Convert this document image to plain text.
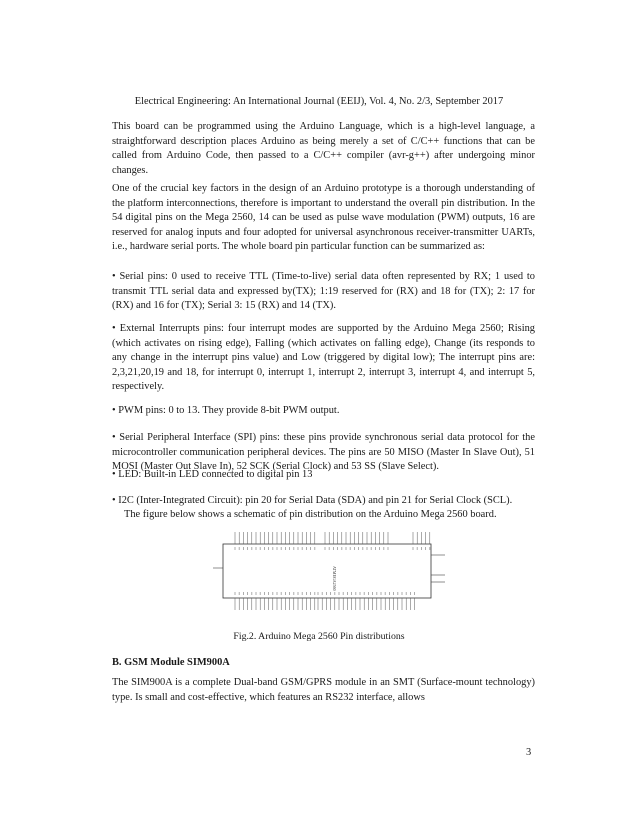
Electrical Engineering: An International Journal (EEIJ), Vol. 4, No. 2/3, September 2017

This board can be programmed using the Arduino Language, which is a high-level language, a straightforward description places Arduino as being merely a set of C/C++ functions that can be called from Arduino Code, then passed to a C/C++ compiler (avr-g++) after undergoing minor changes.

One of the crucial key factors in the design of an Arduino prototype is a thorough understanding of the platform interconnections, therefore is important to understand the overall pin distribution. In the 54 digital pins on the Mega 2560, 14 can be used as pulse wave modulation (PWM) outputs, 16 are reserved for analog inputs and four adopted for universal asynchronous receiver-transmitter UARTs, i.e., hardware serial ports. The whole board pin particular function can be summarized as:

• Serial pins: 0 used to receive TTL (Time-to-live) serial data often represented by RX; 1 used to transmit TTL serial data and expressed by(TX); 1:19 reserved for (RX) and 18 for (TX); 2: 17 for (RX) and 16 for (TX); Serial 3: 15 (RX) and 14 (TX).

• External Interrupts pins: four interrupt modes are supported by the Arduino Mega 2560; Rising (which activates on rising edge), Falling (which activates on falling edge), Change (its responds to any change in the interrupt pins value) and Low (triggered by digital low); The interrupt pins are: 2,3,21,20,19 and 18, for interrupt 0, interrupt 1, interrupt 2, interrupt 3, interrupt 4, and interrupt 5, respectively.

• PWM pins: 0 to 13. They provide 8-bit PWM output.

• Serial Peripheral Interface (SPI) pins: these pins provide synchronous serial data protocol for the microcontroller communication peripheral devices. The pins are 50 MISO (Master In Slave Out), 51 MOSI (Master Out Slave In), 52 SCK (Serial Clock) and 53 SS (Slave Select).

• LED: Built-in LED connected to digital pin 13

• I2C (Inter-Integrated Circuit): pin 20 for Serial Data (SDA) and pin 21 for Serial Clock (SCL).

The figure below shows a schematic of pin distribution on the Arduino Mega 2560 board.

ATMEGA2560
Fig.2. Arduino Mega 2560 Pin distributions
B. GSM Module SIM900A

The SIM900A is a complete Dual-band GSM/GPRS module in an SMT (Surface-mount technology) type. Is small and cost-effective, which features an RS232 interface, allows

3
